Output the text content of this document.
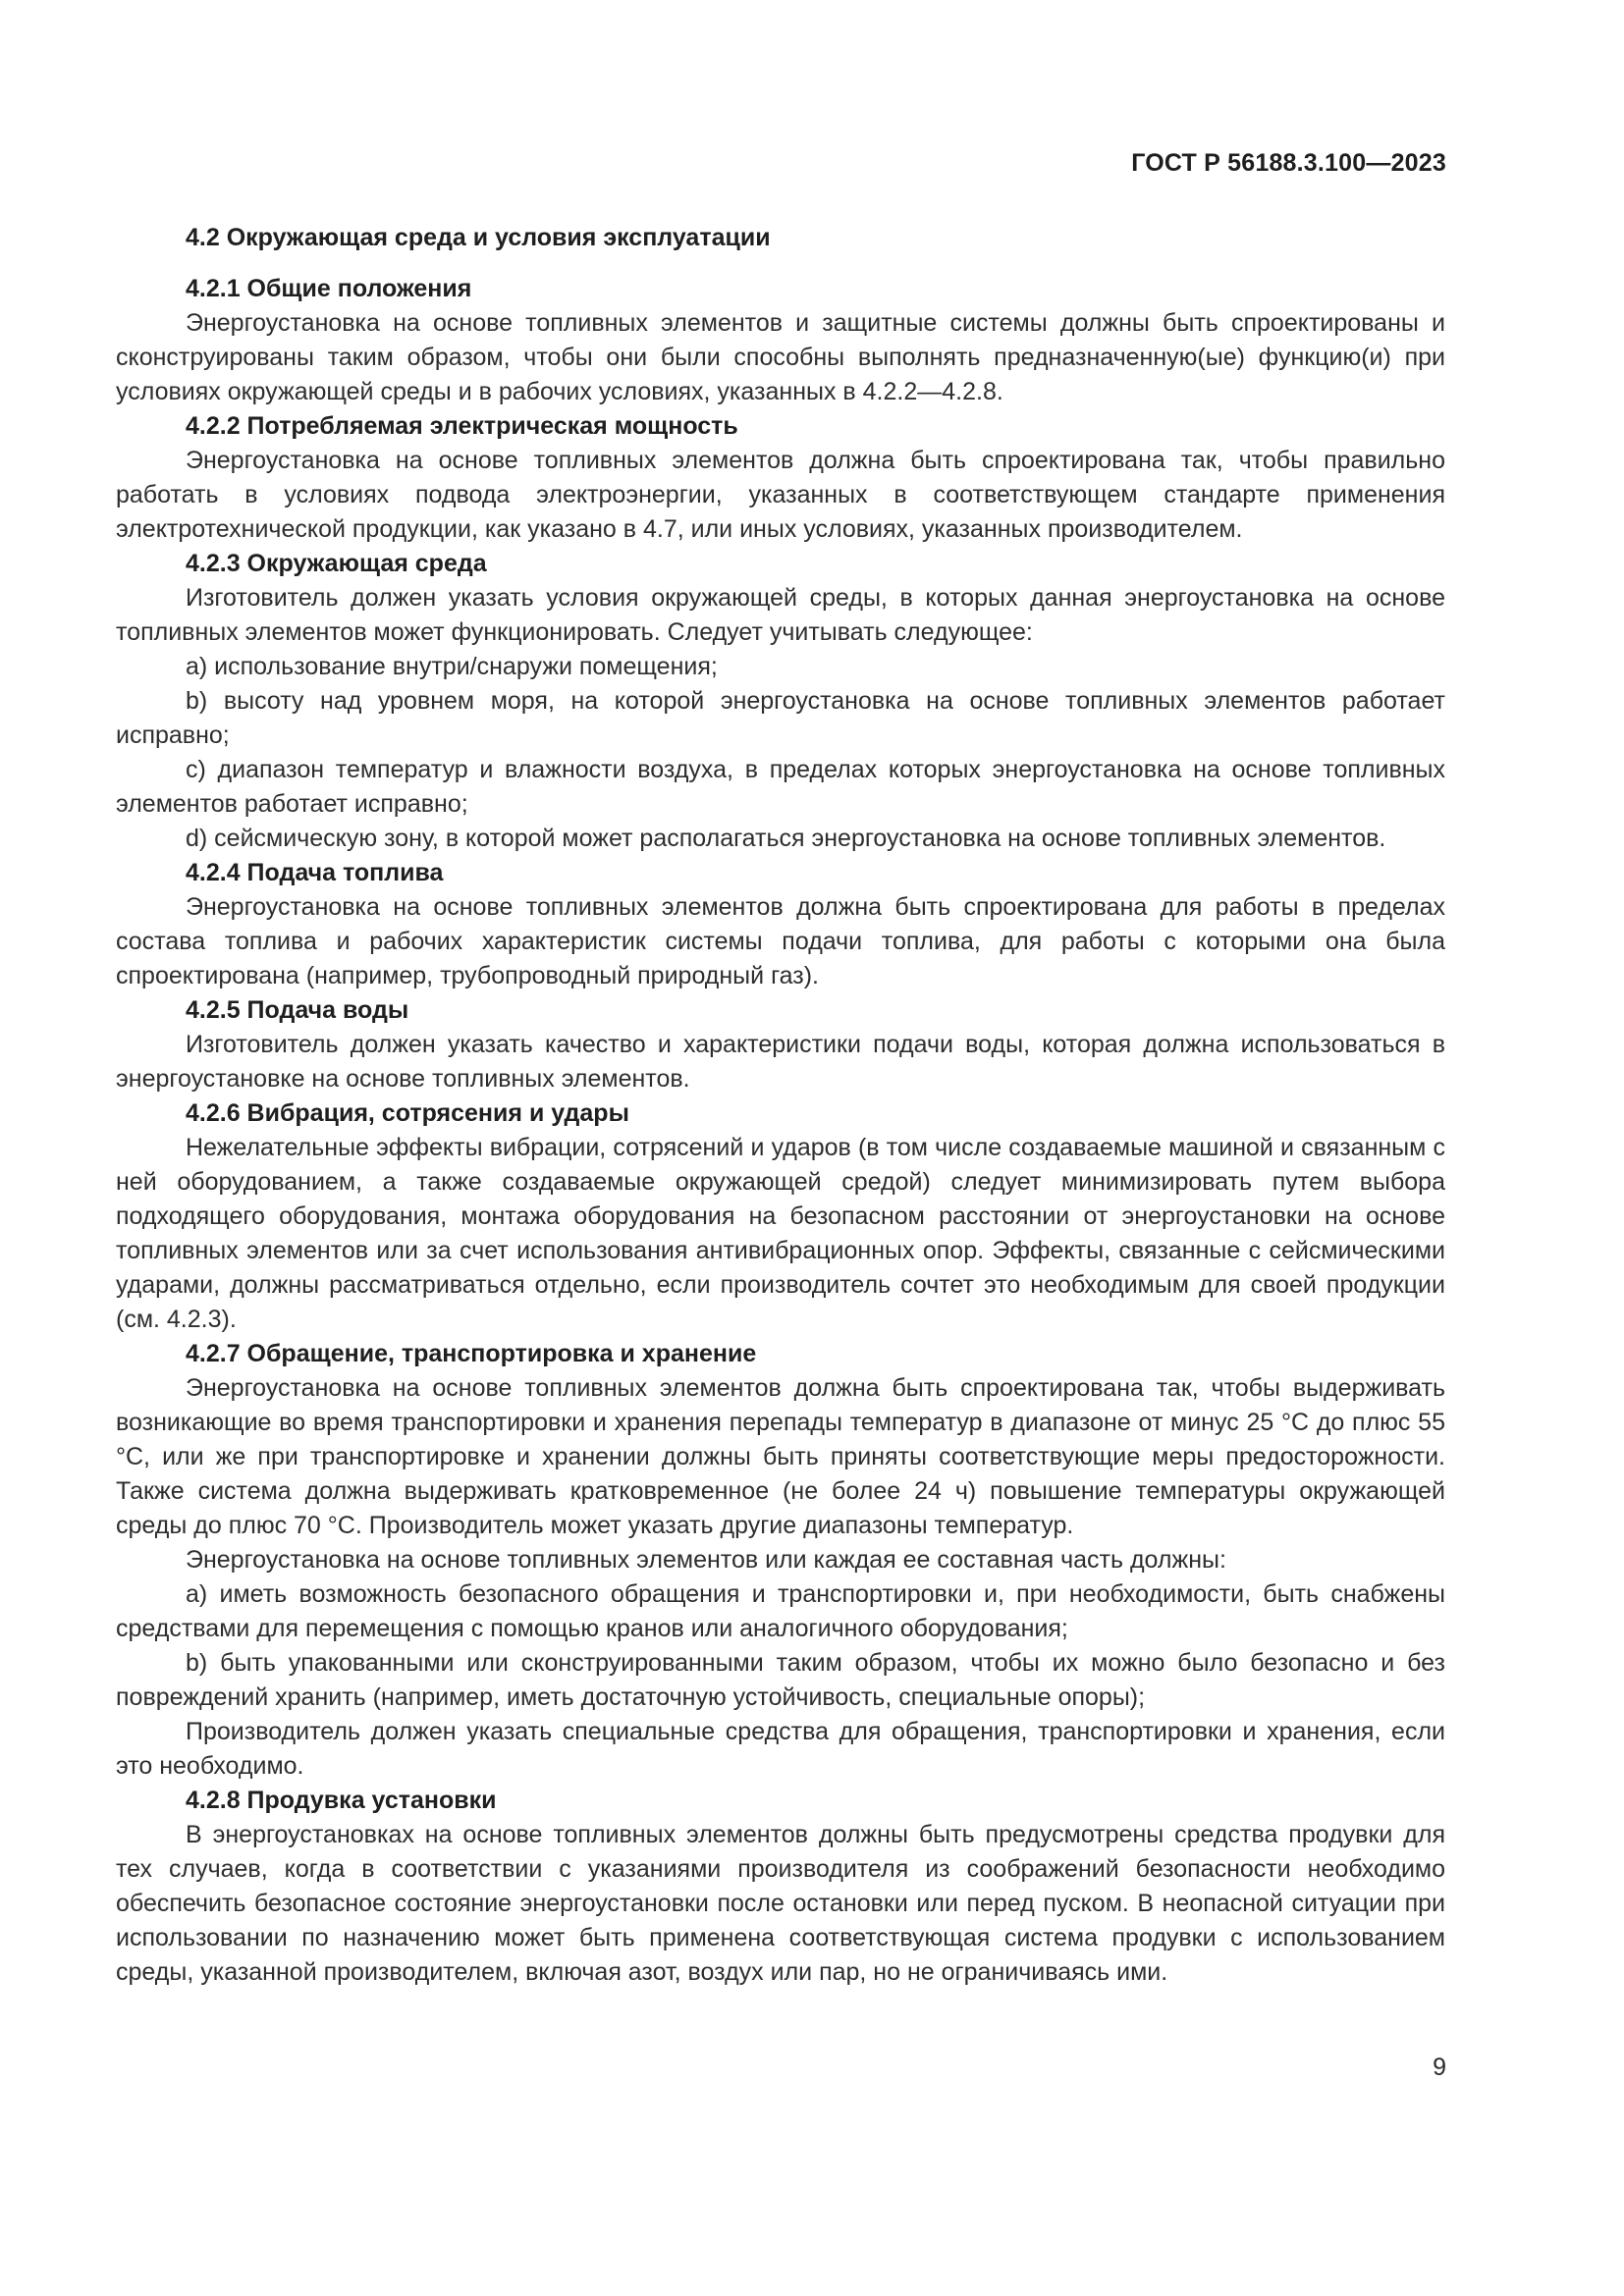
ГОСТ Р 56188.3.100—2023

4.2 Окружающая среда и условия эксплуатации

4.2.1 Общие положения

Энергоустановка на основе топливных элементов и защитные системы должны быть спроектированы и сконструированы таким образом, чтобы они были способны выполнять предназначенную(ые) функцию(и) при условиях окружающей среды и в рабочих условиях, указанных в 4.2.2—4.2.8.

4.2.2 Потребляемая электрическая мощность

Энергоустановка на основе топливных элементов должна быть спроектирована так, чтобы правильно работать в условиях подвода электроэнергии, указанных в соответствующем стандарте применения электротехнической продукции, как указано в 4.7, или иных условиях, указанных производителем.

4.2.3 Окружающая среда

Изготовитель должен указать условия окружающей среды, в которых данная энергоустановка на основе топливных элементов может функционировать. Следует учитывать следующее:

a) использование внутри/снаружи помещения;

b) высоту над уровнем моря, на которой энергоустановка на основе топливных элементов работает исправно;

c) диапазон температур и влажности воздуха, в пределах которых энергоустановка на основе топливных элементов работает исправно;

d) сейсмическую зону, в которой может располагаться энергоустановка на основе топливных элементов.

4.2.4 Подача топлива

Энергоустановка на основе топливных элементов должна быть спроектирована для работы в пределах состава топлива и рабочих характеристик системы подачи топлива, для работы с которыми она была спроектирована (например, трубопроводный природный газ).

4.2.5 Подача воды

Изготовитель должен указать качество и характеристики подачи воды, которая должна использоваться в энергоустановке на основе топливных элементов.

4.2.6 Вибрация, сотрясения и удары

Нежелательные эффекты вибрации, сотрясений и ударов (в том числе создаваемые машиной и связанным с ней оборудованием, а также создаваемые окружающей средой) следует минимизировать путем выбора подходящего оборудования, монтажа оборудования на безопасном расстоянии от энергоустановки на основе топливных элементов или за счет использования антивибрационных опор. Эффекты, связанные с сейсмическими ударами, должны рассматриваться отдельно, если производитель сочтет это необходимым для своей продукции (см. 4.2.3).

4.2.7 Обращение, транспортировка и хранение

Энергоустановка на основе топливных элементов должна быть спроектирована так, чтобы выдерживать возникающие во время транспортировки и хранения перепады температур в диапазоне от минус 25 °C до плюс 55 °C, или же при транспортировке и хранении должны быть приняты соответствующие меры предосторожности. Также система должна выдерживать кратковременное (не более 24 ч) повышение температуры окружающей среды до плюс 70 °C. Производитель может указать другие диапазоны температур.

Энергоустановка на основе топливных элементов или каждая ее составная часть должны:

a) иметь возможность безопасного обращения и транспортировки и, при необходимости, быть снабжены средствами для перемещения с помощью кранов или аналогичного оборудования;

b) быть упакованными или сконструированными таким образом, чтобы их можно было безопасно и без повреждений хранить (например, иметь достаточную устойчивость, специальные опоры);

Производитель должен указать специальные средства для обращения, транспортировки и хранения, если это необходимо.

4.2.8 Продувка установки

В энергоустановках на основе топливных элементов должны быть предусмотрены средства продувки для тех случаев, когда в соответствии с указаниями производителя из соображений безопасности необходимо обеспечить безопасное состояние энергоустановки после остановки или перед пуском. В неопасной ситуации при использовании по назначению может быть применена соответствующая система продувки с использованием среды, указанной производителем, включая азот, воздух или пар, но не ограничиваясь ими.

9
